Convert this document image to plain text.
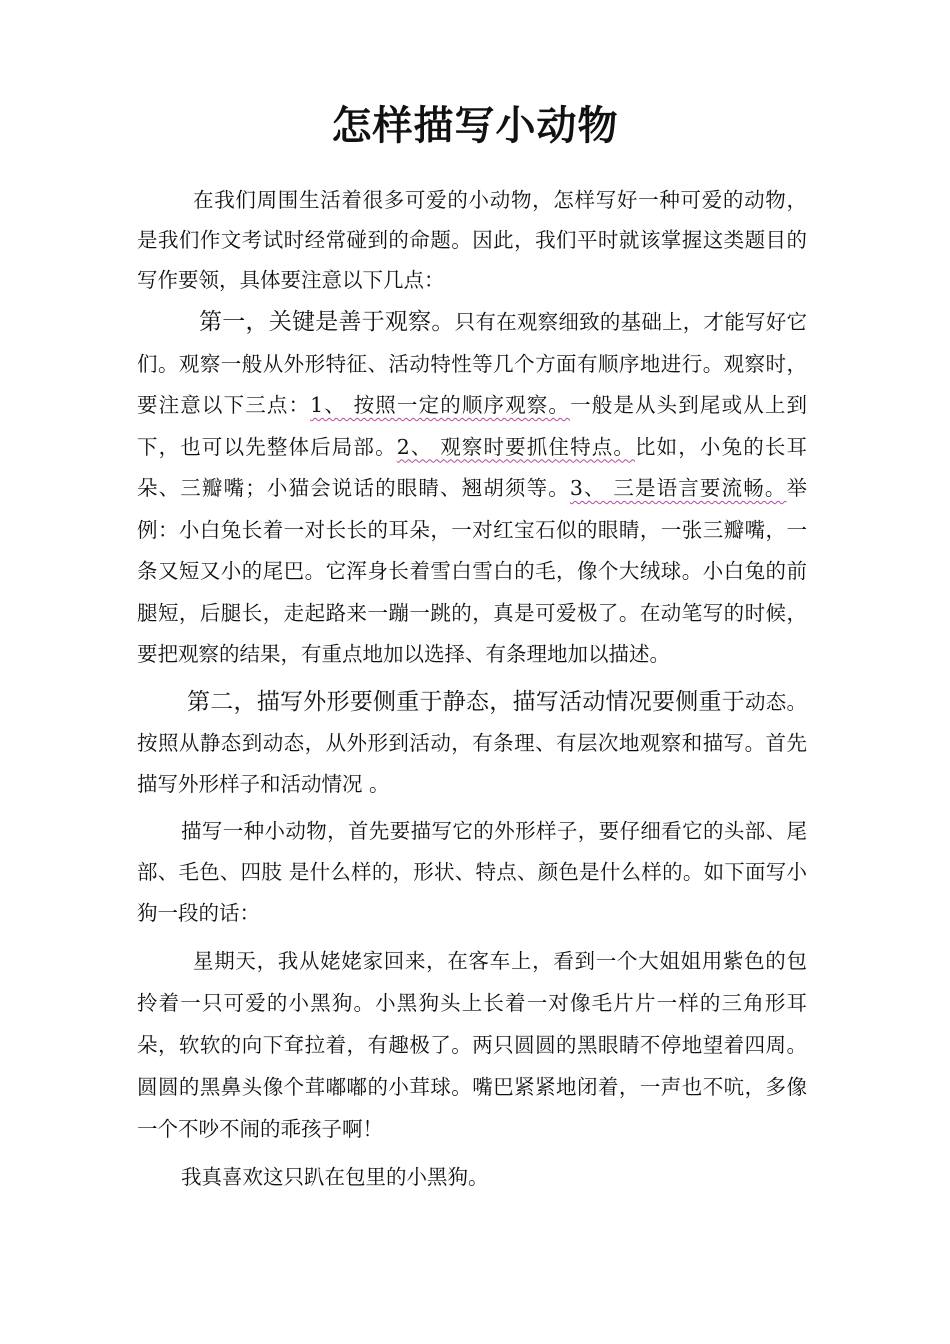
怎样描写小动物

在我们周围生活着很多可爱的小动物，怎样写好一种可爱的动物，是我们作文考试时经常碰到的命题。因此，我们平时就该掌握这类题目的写作要领，具体要注意以下几点：

第一，关键是善于观察。只有在观察细致的基础上，才能写好它们。观察一般从外形特征、活动特性等几个方面有顺序地进行。观察时，要注意以下三点：1、 按照一定的顺序观察。一般是从头到尾或从上到下，也可以先整体后局部。2、 观察时要抓住特点。比如，小兔的长耳朵、三瓣嘴；小猫会说话的眼睛、翘胡须等。3、 三是语言要流畅。举例：小白兔长着一对长长的耳朵，一对红宝石似的眼睛，一张三瓣嘴，一条又短又小的尾巴。它浑身长着雪白雪白的毛，像个大绒球。小白兔的前腿短，后腿长，走起路来一蹦一跳的，真是可爱极了。在动笔写的时候，要把观察的结果，有重点地加以选择、有条理地加以描述。

第二，描写外形要侧重于静态，描写活动情况要侧重于动态。按照从静态到动态，从外形到活动，有条理、有层次地观察和描写。首先描写外形样子和活动情况 。

描写一种小动物，首先要描写它的外形样子，要仔细看它的头部、尾部、毛色、四肢 是什么样的，形状、特点、颜色是什么样的。如下面写小狗一段的话：

星期天，我从姥姥家回来，在客车上，看到一个大姐姐用紫色的包拎着一只可爱的小黑狗。小黑狗头上长着一对像毛片片一样的三角形耳朵，软软的向下耷拉着，有趣极了。两只圆圆的黑眼睛不停地望着四周。圆圆的黑鼻头像个茸嘟嘟的小茸球。嘴巴紧紧地闭着，一声也不吭，多像一个不吵不闹的乖孩子啊！

我真喜欢这只趴在包里的小黑狗。
